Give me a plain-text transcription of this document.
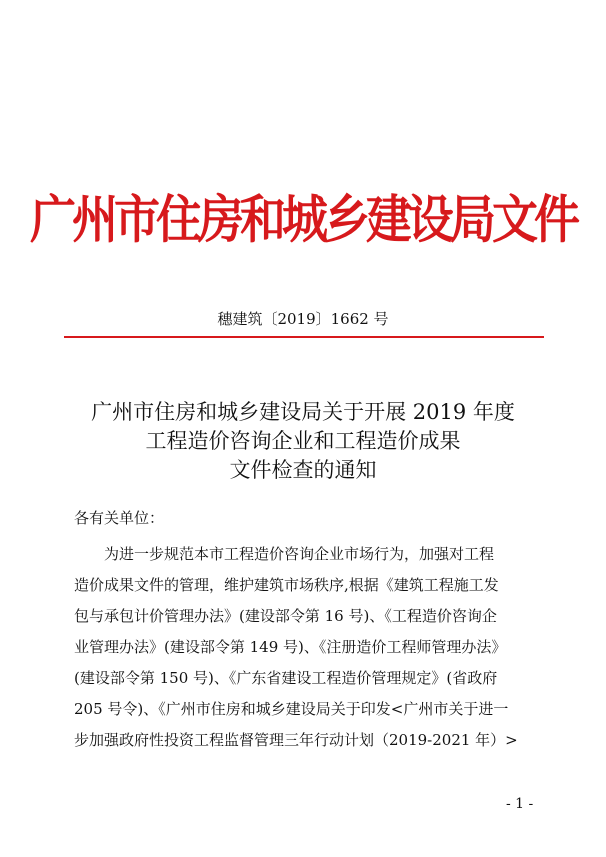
广州市住房和城乡建设局文件
穗建筑〔2019〕1662 号
广州市住房和城乡建设局关于开展 2019 年度
工程造价咨询企业和工程造价成果
文件检查的通知
各有关单位：
为进一步规范本市工程造价咨询企业市场行为，加强对工程
造价成果文件的管理，维护建筑市场秩序,根据《建筑工程施工发
包与承包计价管理办法》(建设部令第 16 号)、《工程造价咨询企
业管理办法》(建设部令第 149 号)、《注册造价工程师管理办法》
(建设部令第 150 号)、《广东省建设工程造价管理规定》(省政府
205 号令)、《广州市住房和城乡建设局关于印发<广州市关于进一
步加强政府性投资工程监督管理三年行动计划（2019-2021 年）>
- 1 -
